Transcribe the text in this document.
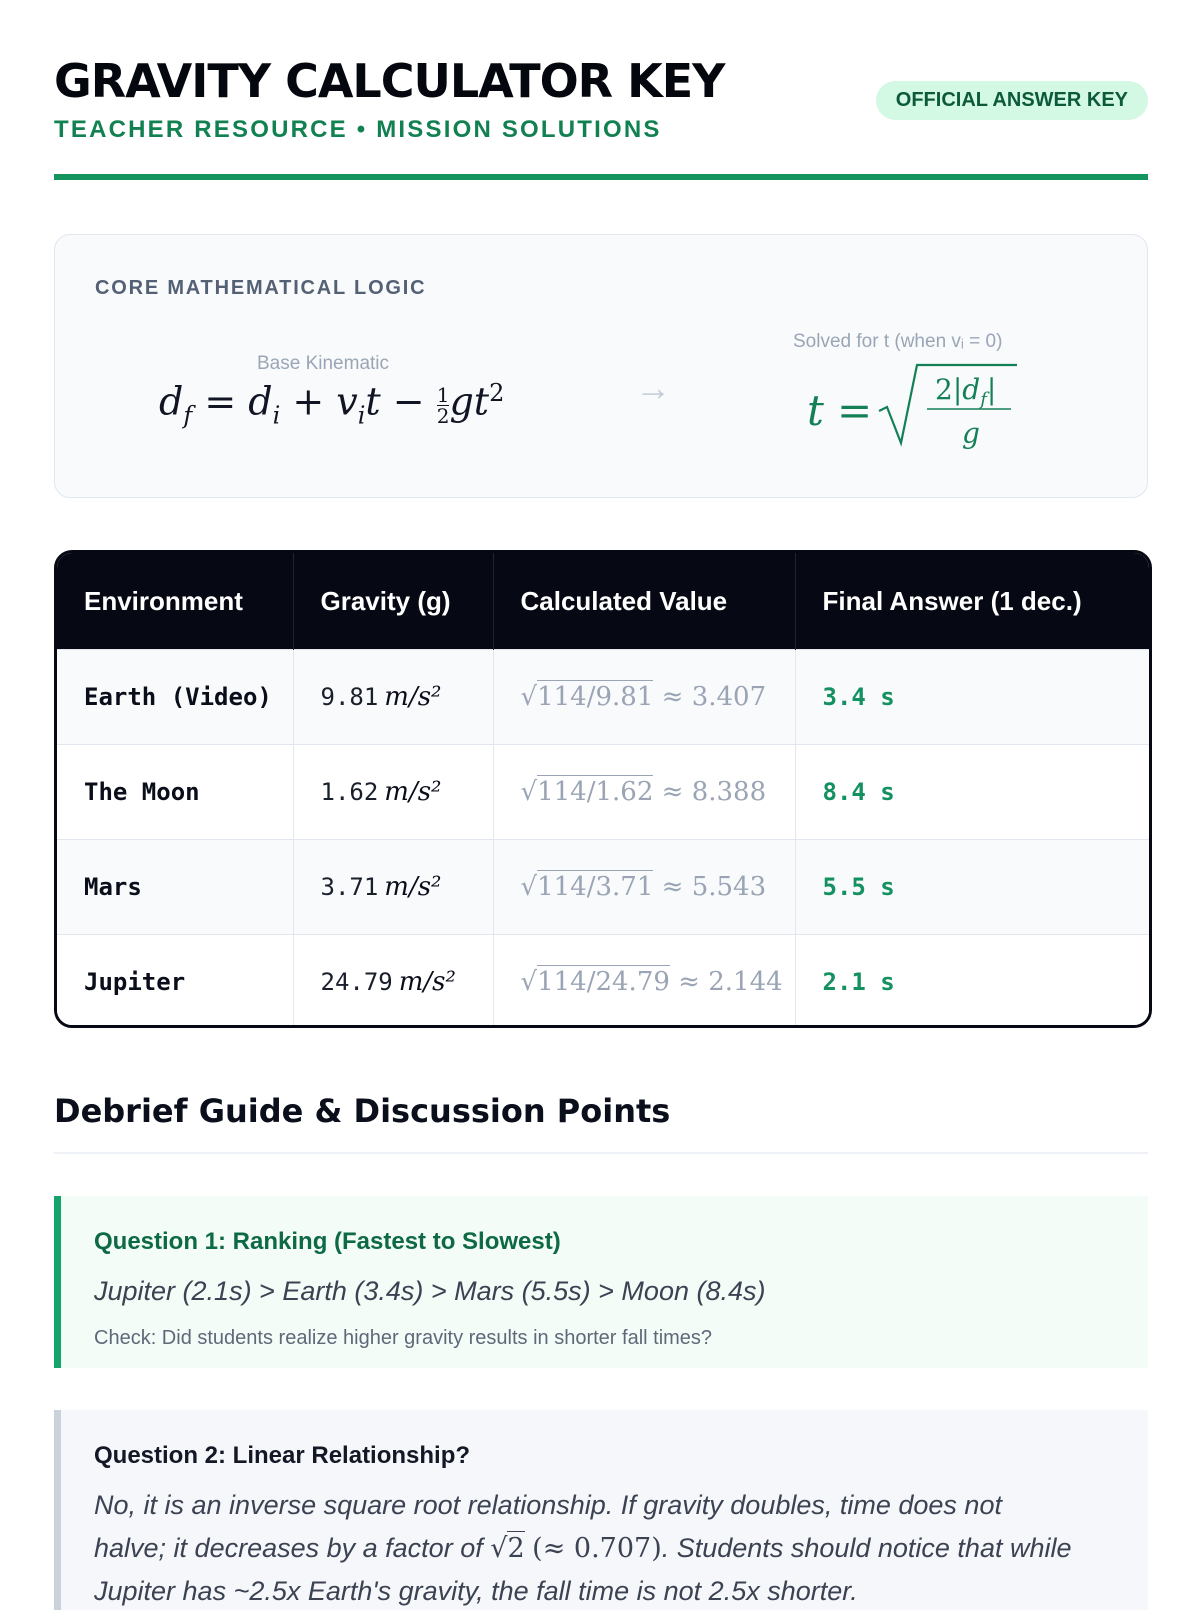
GRAVITY CALCULATOR KEY
TEACHER RESOURCE • MISSION SOLUTIONS
OFFICIAL ANSWER KEY
CORE MATHEMATICAL LOGIC
Base Kinematic
$d_f = d_i + v_it - \frac{1}{2} gt^2$	→
Solved for t (when vᵢ = 0)
$t = 2|d_f|$
g
Environment	Gravity (g)	Calculated Value	Final Answer (1 dec.)
Earth (Video)	9.81 m/s²	√114/9.81 ≈ 3.407	3.4 s
The Moon	1.62 m/s²	√114/1.62 ≈ 8.388	8.4 s
Mars	3.71 m/s²	√114/3.71 ≈ 5.543	5.5 s
Jupiter	24.79 m/s²	√114/24.79 ≈ 2.144	2.1 s
Debrief Guide & Discussion Points
Question 1: Ranking (Fastest to Slowest)
Jupiter (2.1s) > Earth (3.4s) > Mars (5.5s) > Moon (8.4s)
Check: Did students realize higher gravity results in shorter fall times?
Question 2: Linear Relationship?
No, it is an inverse square root relationship. If gravity doubles, time does not
halve; it decreases by a factor of √2 (≈ 0.707). Students should notice that while
Jupiter has ~2.5x Earth's gravity, the fall time is not 2.5x shorter.
